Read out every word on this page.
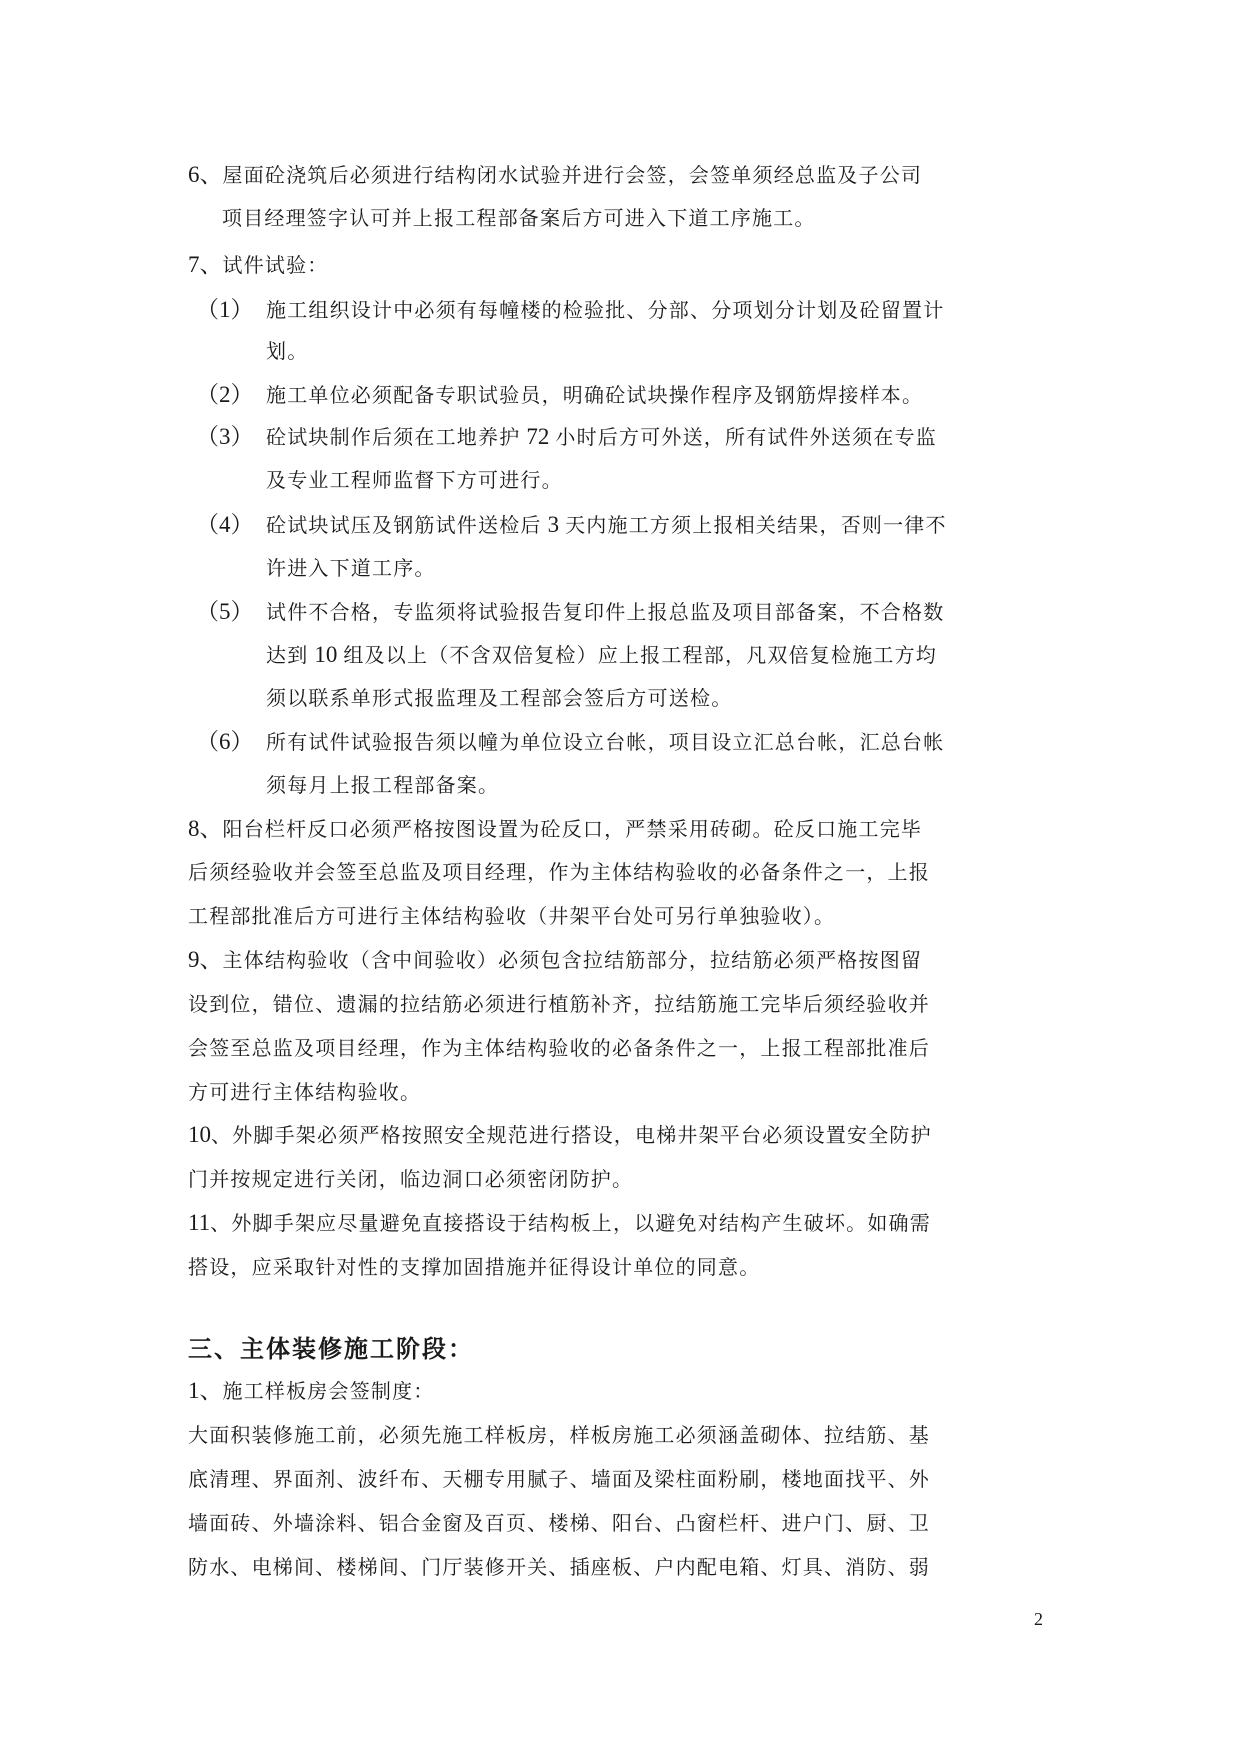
6、屋面砼浇筑后必须进行结构闭水试验并进行会签，会签单须经总监及子公司

项目经理签字认可并上报工程部备案后方可进入下道工序施工。

7、试件试验：

（1） 施工组织设计中必须有每幢楼的检验批、分部、分项划分计划及砼留置计

划。

（2） 施工单位必须配备专职试验员，明确砼试块操作程序及钢筋焊接样本。

（3） 砼试块制作后须在工地养护 72 小时后方可外送，所有试件外送须在专监

及专业工程师监督下方可进行。

（4） 砼试块试压及钢筋试件送检后 3 天内施工方须上报相关结果，否则一律不

许进入下道工序。

（5） 试件不合格，专监须将试验报告复印件上报总监及项目部备案，不合格数

达到 10 组及以上（不含双倍复检）应上报工程部，凡双倍复检施工方均

须以联系单形式报监理及工程部会签后方可送检。

（6） 所有试件试验报告须以幢为单位设立台帐，项目设立汇总台帐，汇总台帐

须每月上报工程部备案。

8、阳台栏杆反口必须严格按图设置为砼反口，严禁采用砖砌。砼反口施工完毕

后须经验收并会签至总监及项目经理，作为主体结构验收的必备条件之一，上报

工程部批准后方可进行主体结构验收（井架平台处可另行单独验收）。

9、主体结构验收（含中间验收）必须包含拉结筋部分，拉结筋必须严格按图留

设到位，错位、遗漏的拉结筋必须进行植筋补齐，拉结筋施工完毕后须经验收并

会签至总监及项目经理，作为主体结构验收的必备条件之一，上报工程部批准后

方可进行主体结构验收。

10、外脚手架必须严格按照安全规范进行搭设，电梯井架平台必须设置安全防护

门并按规定进行关闭，临边洞口必须密闭防护。

11、外脚手架应尽量避免直接搭设于结构板上，以避免对结构产生破坏。如确需

搭设，应采取针对性的支撑加固措施并征得设计单位的同意。

三、主体装修施工阶段：

1、施工样板房会签制度：

大面积装修施工前，必须先施工样板房，样板房施工必须涵盖砌体、拉结筋、基

底清理、界面剂、波纤布、天棚专用腻子、墙面及梁柱面粉刷，楼地面找平、外

墙面砖、外墙涂料、铝合金窗及百页、楼梯、阳台、凸窗栏杆、进户门、厨、卫

防水、电梯间、楼梯间、门厅装修开关、插座板、户内配电箱、灯具、消防、弱

2
